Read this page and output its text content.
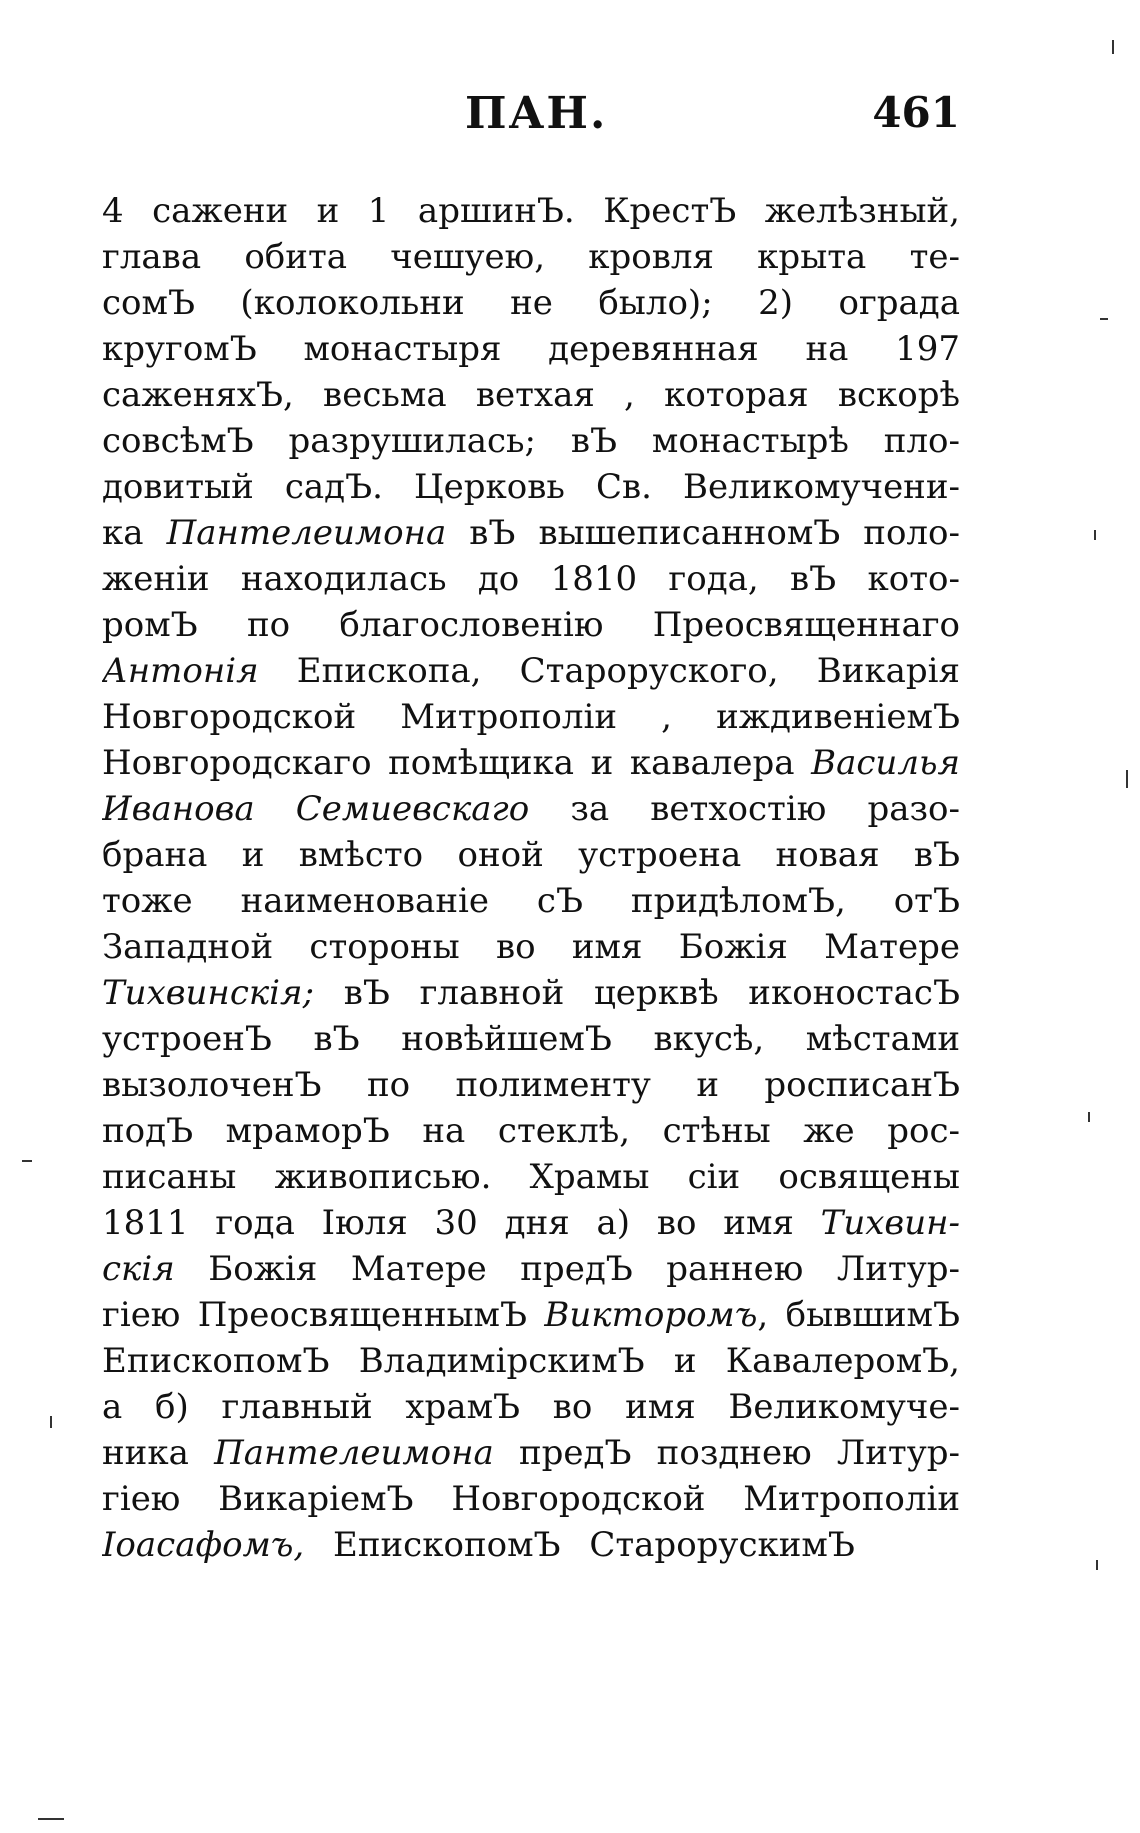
ПАН.	461
4 сажени и 1 аршинЪ. КрестЪ желѣзный,
глава обита чешуею, кровля крыта те-
сомЪ (колокольни не было); 2) ограда
кругомЪ монастыря деревянная на 197
саженяхЪ, весьма ветхая , которая вскорѣ
совсѣмЪ разрушилась; вЪ монастырѣ пло-
довитый садЪ. Церковь Св. Великомучени-
ка Пантелеимона вЪ вышеписанномЪ поло-
женіи находилась до 1810 года, вЪ кото-
ромЪ по благословенію Преосвященнаго
Антонія Епископа, Староруского, Викарія
Новгородской Митрополіи , иждивеніемЪ
Новгородскаго помѣщика и кавалера Василья
Иванова Семиевскаго за ветхостію разо-
брана и вмѣсто оной устроена новая вЪ
тоже наименованіе сЪ придѣломЪ, отЪ
Западной стороны во имя Божія Матере
Тихвинскія; вЪ главной церквѣ иконостасЪ
устроенЪ вЪ новѣйшемЪ вкусѣ, мѣстами
вызолоченЪ по полименту и росписанЪ
подЪ мраморЪ на стеклѣ, стѣны же рос-
писаны живописью. Храмы сіи освящены
1811 года Іюля 30 дня а) во имя Тихвин-
скія Божія Матере предЪ раннею Литур-
гіею ПреосвященнымЪ Викторомъ, бывшимЪ
ЕпископомЪ ВладимірскимЪ и КавалеромЪ,
а б) главный храмЪ во имя Великомуче-
ника Пантелеимона предЪ позднею Литур-
гіею ВикаріемЪ Новгородской Митрополіи
Іоасафомъ, ЕпископомЪ СтарорускимЪ
